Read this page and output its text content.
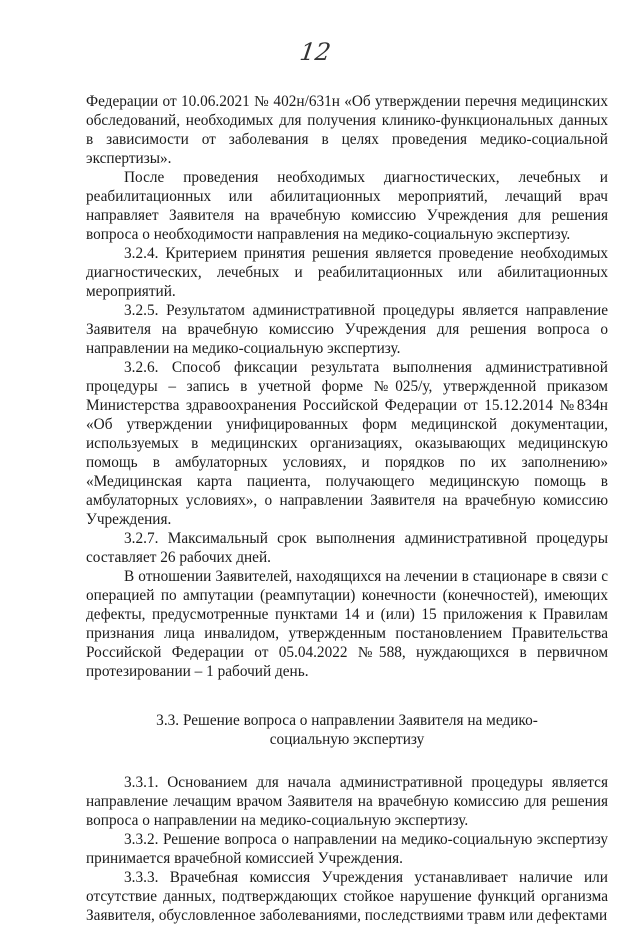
12

Федерации от 10.06.2021 № 402н/631н «Об утверждении перечня медицинских обследований, необходимых для получения клинико-функциональных данных в зависимости от заболевания в целях проведения медико-социальной экспертизы».

После проведения необходимых диагностических, лечебных и реабилитационных или абилитационных мероприятий, лечащий врач направляет Заявителя на врачебную комиссию Учреждения для решения вопроса о необходимости направления на медико-социальную экспертизу.

3.2.4. Критерием принятия решения является проведение необходимых диагностических, лечебных и реабилитационных или абилитационных мероприятий.

3.2.5. Результатом административной процедуры является направление Заявителя на врачебную комиссию Учреждения для решения вопроса о направлении на медико-социальную экспертизу.

3.2.6. Способ фиксации результата выполнения административной процедуры – запись в учетной форме №025/у, утвержденной приказом Министерства здравоохранения Российской Федерации от 15.12.2014 №834н «Об утверждении унифицированных форм медицинской документации, используемых в медицинских организациях, оказывающих медицинскую помощь в амбулаторных условиях, и порядков по их заполнению» «Медицинская карта пациента, получающего медицинскую помощь в амбулаторных условиях», о направлении Заявителя на врачебную комиссию Учреждения.

3.2.7. Максимальный срок выполнения административной процедуры составляет 26 рабочих дней.

В отношении Заявителей, находящихся на лечении в стационаре в связи с операцией по ампутации (реампутации) конечности (конечностей), имеющих дефекты, предусмотренные пунктами 14 и (или) 15 приложения к Правилам признания лица инвалидом, утвержденным постановлением Правительства Российской Федерации от 05.04.2022 №588, нуждающихся в первичном протезировании – 1 рабочий день.

3.3. Решение вопроса о направлении Заявителя на медико-социальную экспертизу

3.3.1. Основанием для начала административной процедуры является направление лечащим врачом Заявителя на врачебную комиссию для решения вопроса о направлении на медико-социальную экспертизу.

3.3.2. Решение вопроса о направлении на медико-социальную экспертизу принимается врачебной комиссией Учреждения.

3.3.3. Врачебная комиссия Учреждения устанавливает наличие или отсутствие данных, подтверждающих стойкое нарушение функций организма Заявителя, обусловленное заболеваниями, последствиями травм или дефектами
